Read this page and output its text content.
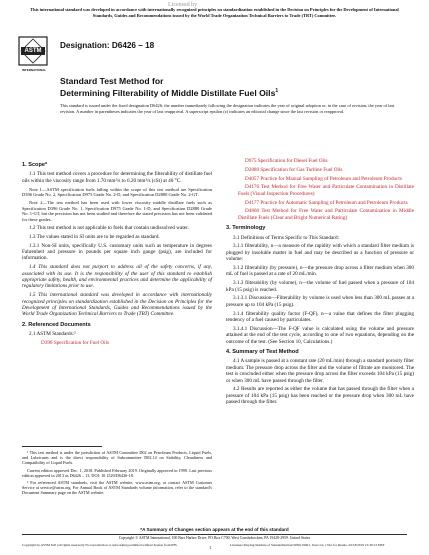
Licensed by
This international standard was developed in accordance with internationally recognized principles on standardization established in the Decision on Principles for the Development of International Standards, Guides and Recommendations issued by the World Trade Organization Technical Barriers to Trade (TBT) Committee.
ASTM
INTERNATIONAL
Designation: D6426 – 18
Standard Test Method for
Determining Filterability of Middle Distillate Fuel Oils$^1$
This standard is issued under the fixed designation D6426; the number immediately following the designation indicates the year of original adoption or, in the case of revision, the year of last revision. A number in parentheses indicates the year of last reapproval. A superscript epsilon (ε) indicates an editorial change since the last revision or reapproval.
1. Scope*

1.1 This test method covers a procedure for determining the filterability of distillate fuel oils within the viscosity range from 1.70 mm²/s to 6.20 mm²/s (cSt) at 40 °C.

Note 1—ASTM specification fuels falling within the scope of this test method are Specification D396 Grade No. 2, Specification D975 Grade No. 2-D, and Specification D2880 Grade No. 2-GT.

Note 2—The test method has been used with lower viscosity middle distillate fuels such as Specification D396 Grade No. 1, Specification D975 Grade No. 1-D, and Specification D2880 Grade No. 1-GT, but the precision has not been studied and therefore the stated precision has not been validated for these grades.

1.2 This test method is not applicable to fuels that contain undissolved water.

1.3 The values stated in SI units are to be regarded as standard.

1.3.1 Non-SI units, specifically U.S. customary units such as temperature in degrees Fahrenheit and pressure in pounds per square inch gauge (psig), are included for information.

1.4 This standard does not purport to address all of the safety concerns, if any, associated with its use. It is the responsibility of the user of this standard to establish appropriate safety, health, and environmental practices and determine the applicability of regulatory limitations prior to use.

1.5 This international standard was developed in accordance with internationally recognized principles on standardization established in the Decision on Principles for the Development of International Standards, Guides and Recommendations issued by the World Trade Organization Technical Barriers to Trade (TBT) Committee.

2. Referenced Documents

2.1 ASTM Standards:²

D396 Specification for Fuel Oils

D975 Specification for Diesel Fuel Oils

D2880 Specification for Gas Turbine Fuel Oils

D4057 Practice for Manual Sampling of Petroleum and Petroleum Products

D4176 Test Method for Free Water and Particulate Contamination in Distillate Fuels (Visual Inspection Procedures)

D4177 Practice for Automatic Sampling of Petroleum and Petroleum Products

D4860 Test Method for Free Water and Particulate Contamination in Middle Distillate Fuels (Clear and Bright Numerical Rating)

3. Terminology

3.1 Definitions of Terms Specific to This Standard:

3.1.1 filterability, n—a measure of the rapidity with which a standard filter medium is plugged by insoluble matter in fuel and may be described as a function of pressure or volume:

3.1.2 filterability (by pressure), n—the pressure drop across a filter medium when 300 mL of fuel is passed at a rate of 20 mL/min.

3.1.3 filterability (by volume), n—the volume of fuel passed when a pressure of 104 kPa (15 psig) is reached.

3.1.3.1 Discussion—Filterability by volume is used when less than 300 mL passes at a pressure up to 104 kPa (15 psig).

3.1.4 filterability quality factor (F-QF), n—a value that defines the filter plugging tendency of a fuel caused by particulates.

3.1.4.1 Discussion—The F-QF value is calculated using the volume and pressure attained at the end of the test cycle, according to one of two equations, depending on the outcome of the test. (See Section 10, Calculations.)

4. Summary of Test Method

4.1 A sample is passed at a constant rate (20 mL/min) through a standard porosity filter medium. The pressure drop across the filter and the volume of filtrate are monitored. The test is concluded either when the pressure drop across the filter exceeds 104 kPa (15 psig) or when 300 mL have passed through the filter.

4.2 Results are reported as either the volume that has passed through the filter when a pressure of 104 kPa (15 psig) has been reached or the pressure drop when 300 mL have passed through the filter.

¹ This test method is under the jurisdiction of ASTM Committee D02 on Petroleum Products, Liquid Fuels, and Lubricants and is the direct responsibility of Subcommittee D02.14 on Stability, Cleanliness and Compatibility of Liquid Fuels.

Current edition approved Dec. 1, 2018. Published February 2019. Originally approved in 1999. Last previous edition approved in 2013 as D6426 – 13. DOI: 10.1520/D6426-18.

² For referenced ASTM standards, visit the ASTM website, www.astm.org, or contact ASTM Customer Service at service@astm.org. For Annual Book of ASTM Standards volume information, refer to the standard's Document Summary page on the ASTM website.

*A Summary of Changes section appears at the end of this standard
Copyright © ASTM International, 100 Barr Harbor Drive, PO Box C700, West Conshohocken, PA 19428-2959. United States
Copyright by ASTM Int'l (all rights reserved); No reproduction or networking permitted without license from IHS	1	Licensee=Dayang Institute of Standardization/5956119001, User=xx, r Not for Resale, 02/18/2019 15:30:13 MST
